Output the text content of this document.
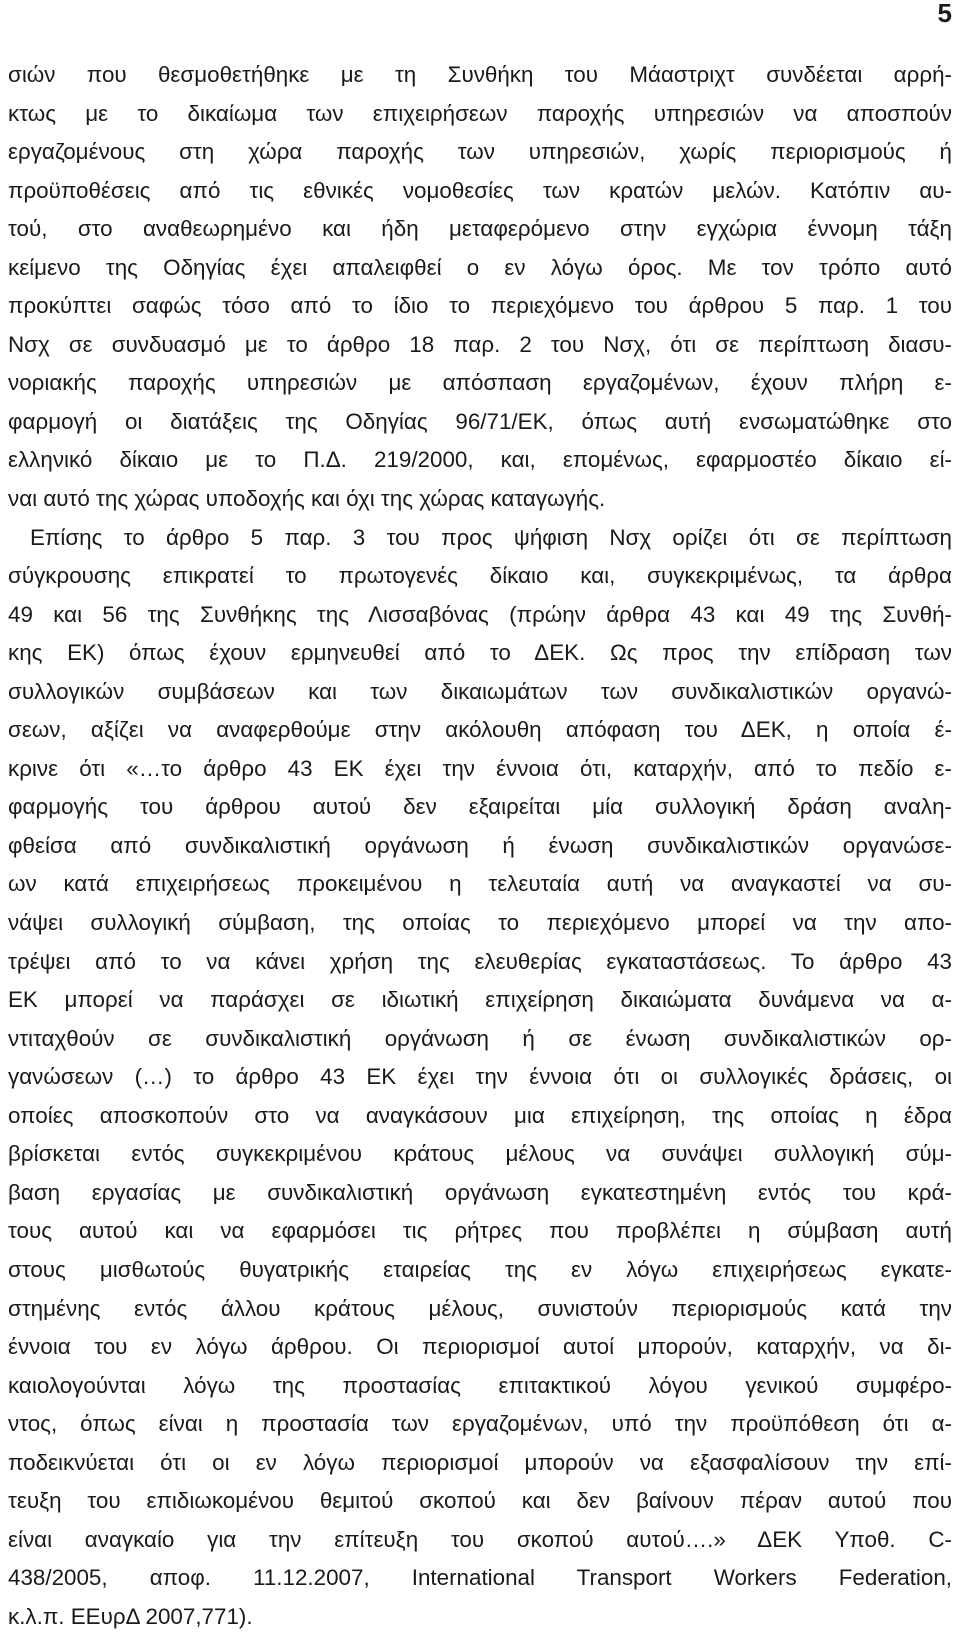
5
σιών που θεσμοθετήθηκε με τη Συνθήκη του Μάαστριχτ συνδέεται αρρή-
κτως με το δικαίωμα των επιχειρήσεων παροχής υπηρεσιών να αποσπούν
εργαζομένους στη χώρα παροχής των υπηρεσιών, χωρίς περιορισμούς ή
προϋποθέσεις από τις εθνικές νομοθεσίες των κρατών μελών. Κατόπιν αυ-
τού, στο αναθεωρημένο και ήδη μεταφερόμενο στην εγχώρια έννομη τάξη
κείμενο της Οδηγίας έχει απαλειφθεί ο εν λόγω όρος. Με τον τρόπο αυτό
προκύπτει σαφώς τόσο από το ίδιο το περιεχόμενο του άρθρου 5 παρ. 1 του
Νσχ σε συνδυασμό με το άρθρο 18 παρ. 2 του Νσχ, ότι σε περίπτωση διασυ-
νοριακής παροχής υπηρεσιών με απόσπαση εργαζομένων, έχουν πλήρη ε-
φαρμογή οι διατάξεις της Οδηγίας 96/71/ΕΚ, όπως αυτή ενσωματώθηκε στο
ελληνικό δίκαιο με το Π.Δ. 219/2000, και, επομένως, εφαρμοστέο δίκαιο εί-
ναι αυτό της χώρας υποδοχής και όχι της χώρας καταγωγής.
Επίσης το άρθρο 5 παρ. 3 του προς ψήφιση Νσχ ορίζει ότι σε περίπτωση
σύγκρουσης επικρατεί το πρωτογενές δίκαιο και, συγκεκριμένως, τα άρθρα
49 και 56 της Συνθήκης της Λισσαβόνας (πρώην άρθρα 43 και 49 της Συνθή-
κης ΕΚ) όπως έχουν ερμηνευθεί από το ΔΕΚ. Ως προς την επίδραση των
συλλογικών συμβάσεων και των δικαιωμάτων των συνδικαλιστικών οργανώ-
σεων, αξίζει να αναφερθούμε στην ακόλουθη απόφαση του ΔΕΚ, η οποία έ-
κρινε ότι «…το άρθρο 43 ΕΚ έχει την έννοια ότι, καταρχήν, από το πεδίο ε-
φαρμογής του άρθρου αυτού δεν εξαιρείται μία συλλογική δράση αναλη-
φθείσα από συνδικαλιστική οργάνωση ή ένωση συνδικαλιστικών οργανώσε-
ων κατά επιχειρήσεως προκειμένου η τελευταία αυτή να αναγκαστεί να συ-
νάψει συλλογική σύμβαση, της οποίας το περιεχόμενο μπορεί να την απο-
τρέψει από το να κάνει χρήση της ελευθερίας εγκαταστάσεως. Το άρθρο 43
ΕΚ μπορεί να παράσχει σε ιδιωτική επιχείρηση δικαιώματα δυνάμενα να α-
ντιταχθούν σε συνδικαλιστική οργάνωση ή σε ένωση συνδικαλιστικών ορ-
γανώσεων (…) το άρθρο 43 ΕΚ έχει την έννοια ότι οι συλλογικές δράσεις, οι
οποίες αποσκοπούν στο να αναγκάσουν μια επιχείρηση, της οποίας η έδρα
βρίσκεται εντός συγκεκριμένου κράτους μέλους να συνάψει συλλογική σύμ-
βαση εργασίας με συνδικαλιστική οργάνωση εγκατεστημένη εντός του κρά-
τους αυτού και να εφαρμόσει τις ρήτρες που προβλέπει η σύμβαση αυτή
στους μισθωτούς θυγατρικής εταιρείας της εν λόγω επιχειρήσεως εγκατε-
στημένης εντός άλλου κράτους μέλους, συνιστούν περιορισμούς κατά την
έννοια του εν λόγω άρθρου. Οι περιορισμοί αυτοί μπορούν, καταρχήν, να δι-
καιολογούνται λόγω της προστασίας επιτακτικού λόγου γενικού συμφέρο-
ντος, όπως είναι η προστασία των εργαζομένων, υπό την προϋπόθεση ότι α-
ποδεικνύεται ότι οι εν λόγω περιορισμοί μπορούν να εξασφαλίσουν την επί-
τευξη του επιδιωκομένου θεμιτού σκοπού και δεν βαίνουν πέραν αυτού που
είναι αναγκαίο για την επίτευξη του σκοπού αυτού….» ΔΕΚ Υποθ. C-
438/2005, αποφ. 11.12.2007, International Transport Workers Federation,
κ.λ.π. ΕΕυρΔ 2007,771).
